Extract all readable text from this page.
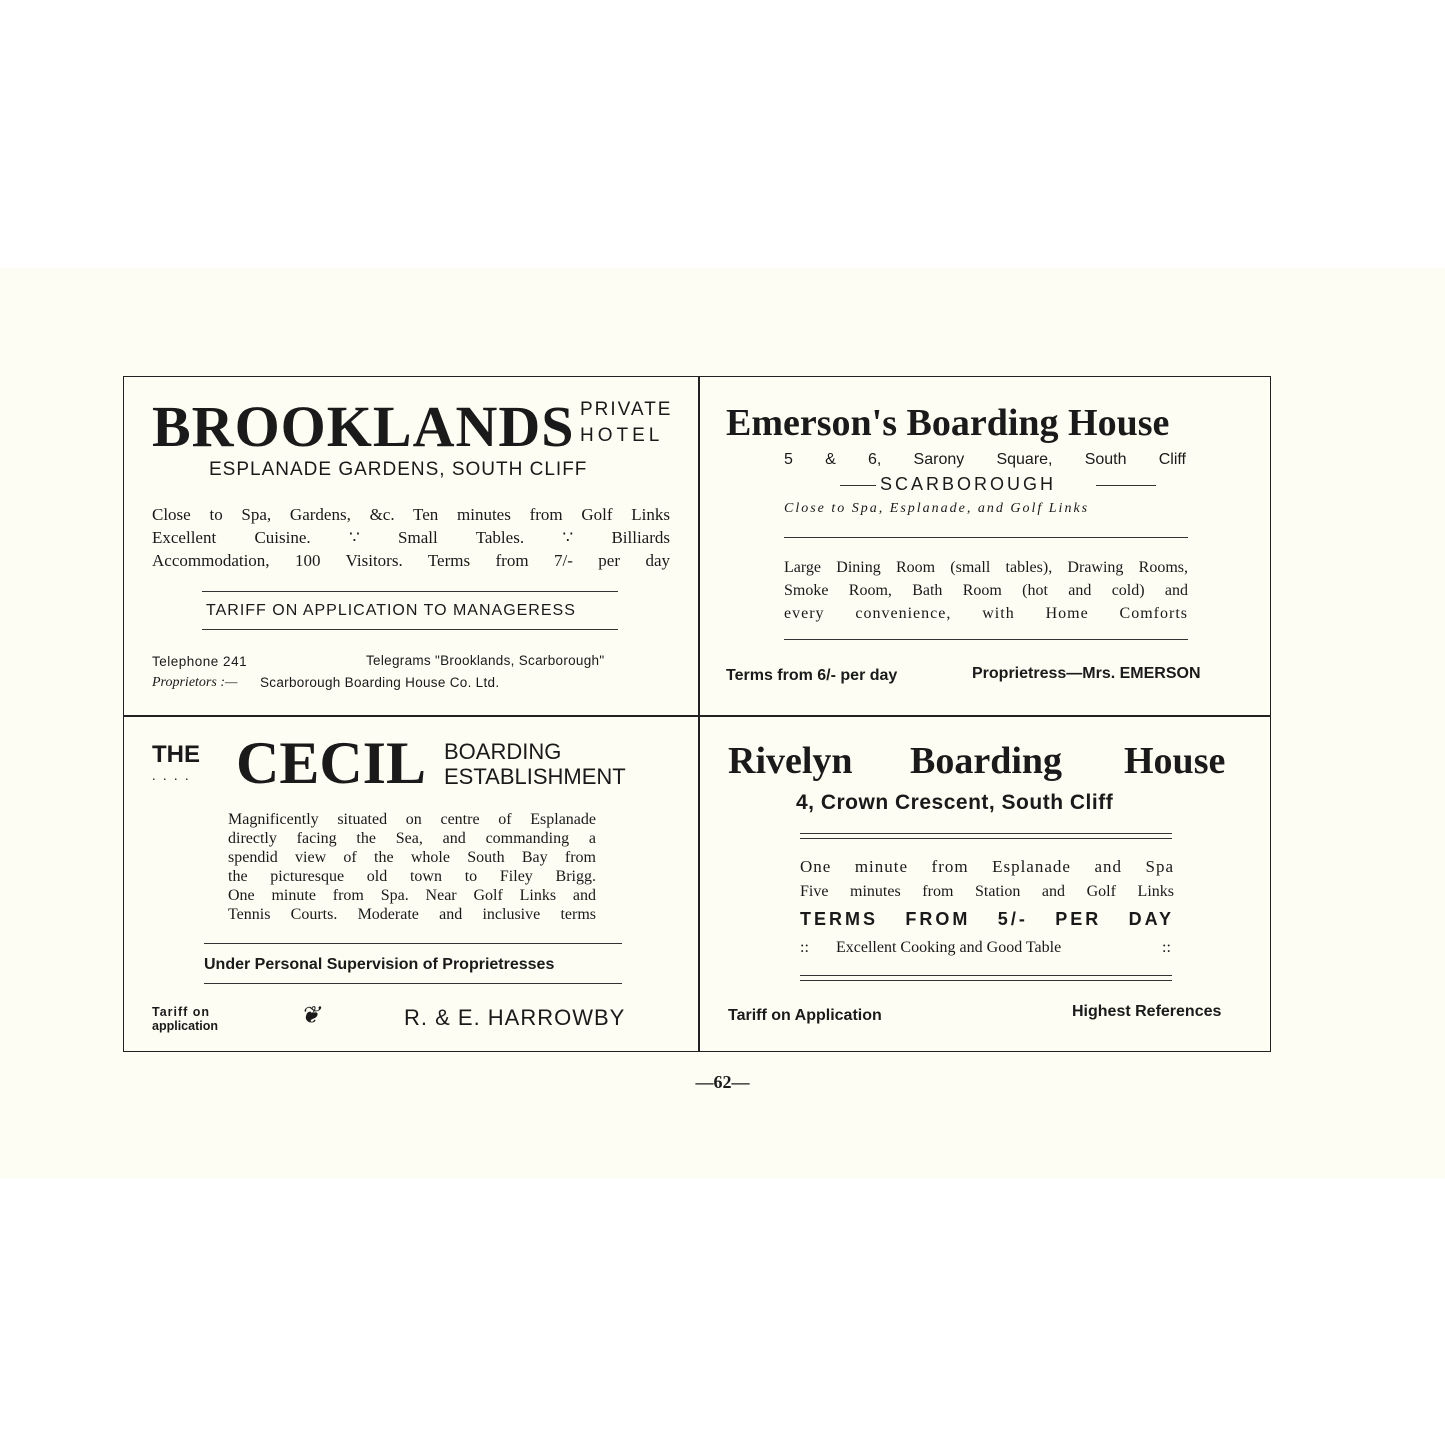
BROOKLANDS PRIVATE
HOTEL
ESPLANADE GARDENS, SOUTH CLIFF
Close to Spa, Gardens, &c. Ten minutes from Golf Links
Excellent Cuisine. ∵ Small Tables. ∵ Billiards
Accommodation, 100 Visitors. Terms from 7/- per day
TARIFF ON APPLICATION TO MANAGERESS
Telephone 241	Telegrams "Brooklands, Scarborough"
Proprietors :— Scarborough Boarding House Co. Ltd.
Emerson's Boarding House
5 & 6, Sarony Square, South Cliff
SCARBOROUGH
Close to Spa, Esplanade, and Golf Links
Large Dining Room (small tables), Drawing Rooms,
Smoke Room, Bath Room (hot and cold) and
every convenience, with Home Comforts
Terms from 6/- per day	Proprietress—Mrs. EMERSON
THE
. . . . CECIL BOARDING
ESTABLISHMENT
Magnificently situated on centre of Esplanade
directly facing the Sea, and commanding a
spendid view of the whole South Bay from
the picturesque old town to Filey Brigg.
One minute from Spa. Near Golf Links and
Tennis Courts. Moderate and inclusive terms
Under Personal Supervision of Proprietresses
Tariff on
application	❦	R. & E. HARROWBY
Rivelyn Boarding House
4, Crown Crescent, South Cliff
One minute from Esplanade and Spa
Five minutes from Station and Golf Links
TERMS FROM 5/- PER DAY
:: Excellent Cooking and Good Table	::
Tariff on Application	Highest References
—62—
